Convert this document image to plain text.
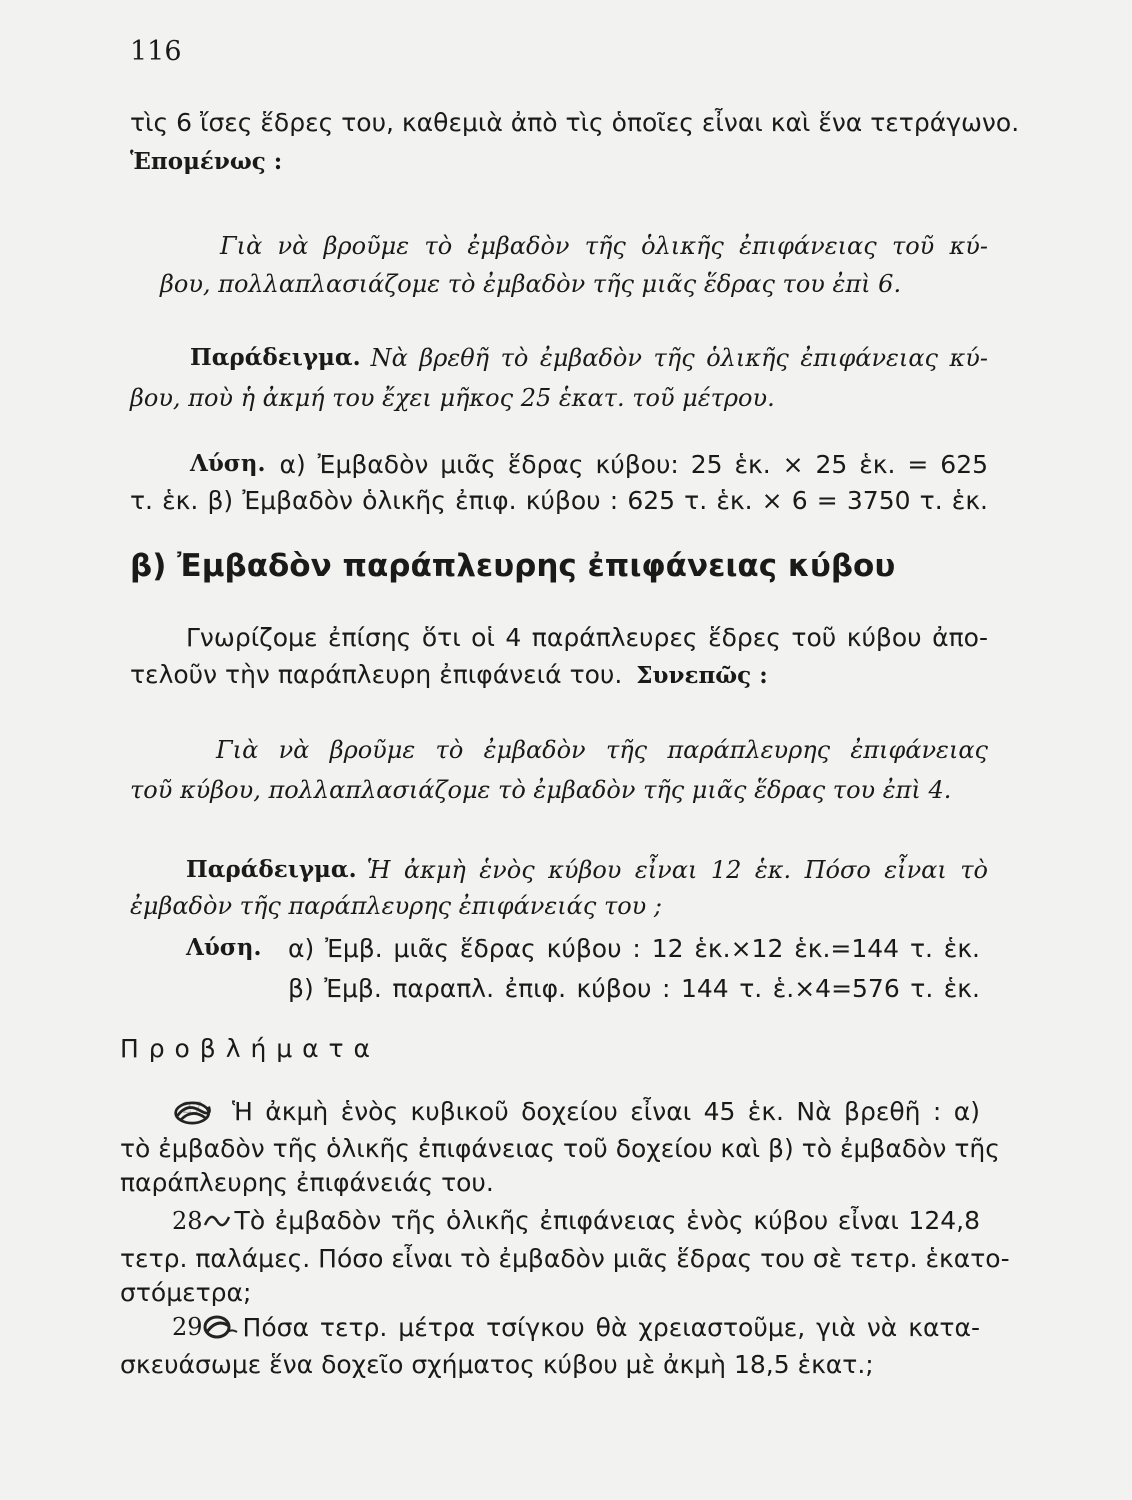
116
τὶς 6 ἴσες ἕδρες του, καθεμιὰ ἀπὸ τὶς ὁποῖες εἶναι καὶ ἕνα τετράγωνο.
Ἑπομένως :
Γιὰ νὰ βροῦμε τὸ ἐμβαδὸν τῆς ὁλικῆς ἐπιφάνειας τοῦ κύ-
βου, πολλαπλασιάζομε τὸ ἐμβαδὸν τῆς μιᾶς ἕδρας του ἐπὶ 6.
Παράδειγμα. Νὰ βρεθῆ τὸ ἐμβαδὸν τῆς ὁλικῆς ἐπιφάνειας κύ-
βου, ποὺ ἡ ἀκμή του ἔχει μῆκος 25 ἑκατ. τοῦ μέτρου.
Λύση. α) Ἐμβαδὸν μιᾶς ἕδρας κύβου: 25 ἑκ. × 25 ἑκ. = 625
τ. ἑκ. β) Ἐμβαδὸν ὁλικῆς ἐπιφ. κύβου : 625 τ. ἑκ. × 6 = 3750 τ. ἑκ.
β) Ἐμβαδὸν παράπλευρης ἐπιφάνειας κύβου
Γνωρίζομε ἐπίσης ὅτι οἱ 4 παράπλευρες ἕδρες τοῦ κύβου ἀπο-
τελοῦν τὴν παράπλευρη ἐπιφάνειά του. Συνεπῶς :
Γιὰ νὰ βροῦμε τὸ ἐμβαδὸν τῆς παράπλευρης ἐπιφάνειας
τοῦ κύβου, πολλαπλασιάζομε τὸ ἐμβαδὸν τῆς μιᾶς ἕδρας του ἐπὶ 4.
Παράδειγμα. Ἡ ἀκμὴ ἑνὸς κύβου εἶναι 12 ἑκ. Πόσο εἶναι τὸ
ἐμβαδὸν τῆς παράπλευρης ἐπιφάνειάς του ;
Λύση. α) Ἐμβ. μιᾶς ἕδρας κύβου : 12 ἑκ.×12 ἑκ.=144 τ. ἑκ.
β) Ἐμβ. παραπλ. ἐπιφ. κύβου : 144 τ. ἑ.×4=576 τ. ἑκ.
Π ρ ο β λ ή μ α τ α
27 Ἡ ἀκμὴ ἑνὸς κυβικοῦ δοχείου εἶναι 45 ἑκ. Νὰ βρεθῆ : α)
τὸ ἐμβαδὸν τῆς ὁλικῆς ἐπιφάνειας τοῦ δοχείου καὶ β) τὸ ἐμβαδὸν τῆς
παράπλευρης ἐπιφάνειάς του.
28 Τὸ ἐμβαδὸν τῆς ὁλικῆς ἐπιφάνειας ἑνὸς κύβου εἶναι 124,8
τετρ. παλάμες. Πόσο εἶναι τὸ ἐμβαδὸν μιᾶς ἕδρας του σὲ τετρ. ἑκατο-
στόμετρα;
29 Πόσα τετρ. μέτρα τσίγκου θὰ χρειαστοῦμε, γιὰ νὰ κατα-
σκευάσωμε ἕνα δοχεῖο σχήματος κύβου μὲ ἀκμὴ 18,5 ἑκατ.;
